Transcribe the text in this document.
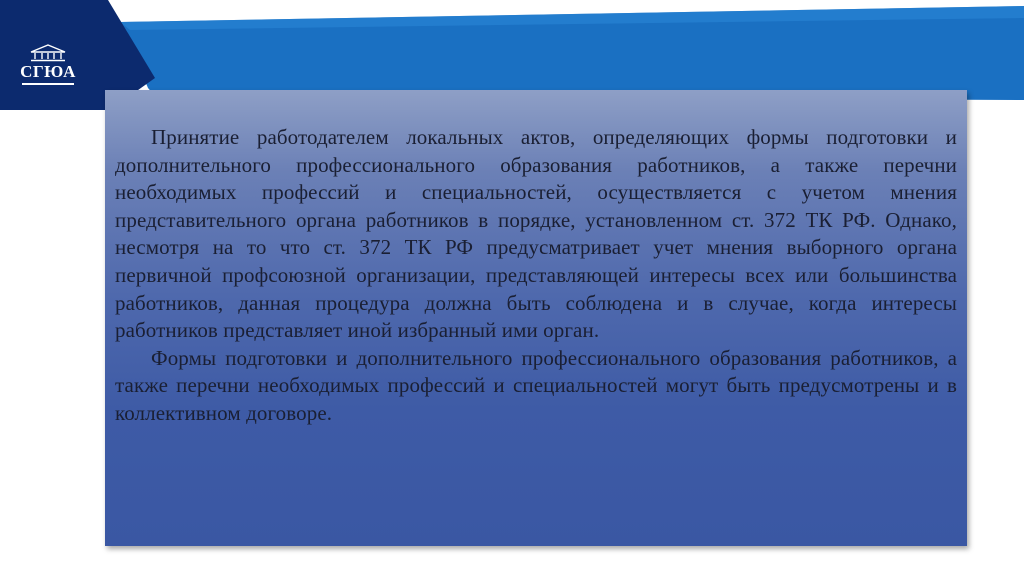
СГЮА

Принятие работодателем локальных актов, определяющих формы подготовки и дополнительного профессионального образования работников, а также перечни необходимых профессий и специальностей, осуществляется с учетом мнения представительного органа работников в порядке, установленном ст. 372 ТК РФ. Однако, несмотря на то что ст. 372 ТК РФ предусматривает учет мнения выборного органа первичной профсоюзной организации, представляющей интересы всех или большинства работников, данная процедура должна быть соблюдена и в случае, когда интересы работников представляет иной избранный ими орган.

Формы подготовки и дополнительного профессионального образования работников, а также перечни необходимых профессий и специальностей могут быть предусмотрены и в коллективном договоре.
